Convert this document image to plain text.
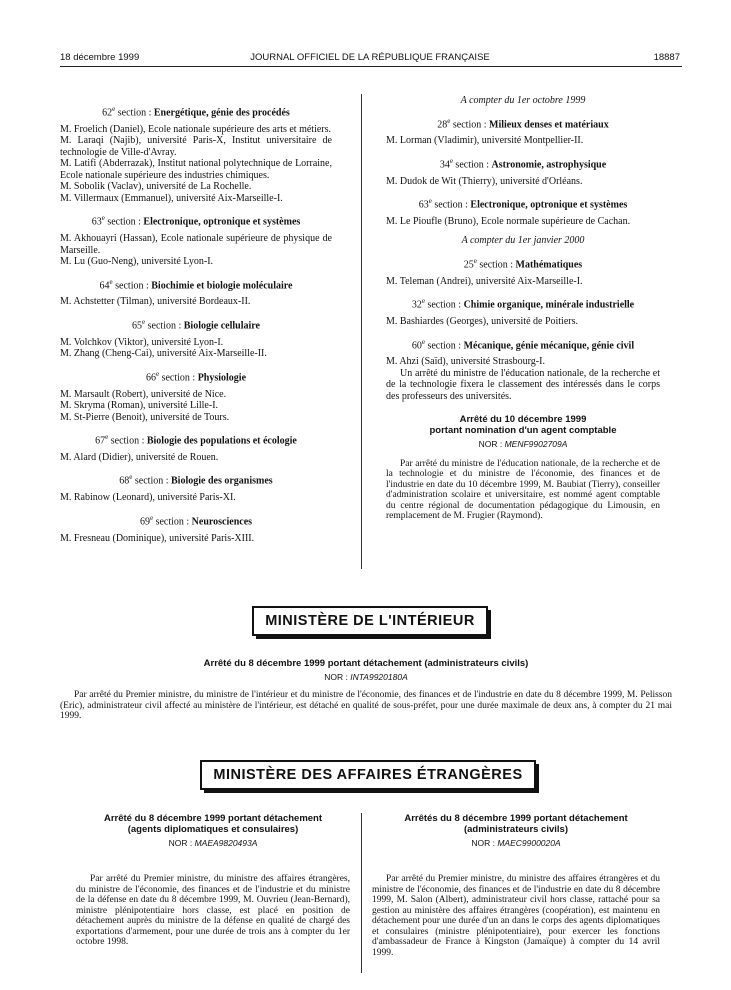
18 décembre 1999	JOURNAL OFFICIEL DE LA RÉPUBLIQUE FRANÇAISE	18887
62e section : Energétique, génie des procédés

M. Froelich (Daniel), Ecole nationale supérieure des arts et métiers.

M. Laraqi (Najib), université Paris-X, Institut universitaire de technologie de Ville-d'Avray.

M. Latifi (Abderrazak), Institut national polytechnique de Lorraine, Ecole nationale supérieure des industries chimiques.

M. Sobolik (Vaclav), université de La Rochelle.

M. Villermaux (Emmanuel), université Aix-Marseille-I.

63e section : Electronique, optronique et systèmes

M. Akhouayri (Hassan), Ecole nationale supérieure de physique de Marseille.

M. Lu (Guo-Neng), université Lyon-I.

64e section : Biochimie et biologie moléculaire

M. Achstetter (Tilman), université Bordeaux-II.

65e section : Biologie cellulaire

M. Volchkov (Viktor), université Lyon-I.

M. Zhang (Cheng-Cai), université Aix-Marseille-II.

66e section : Physiologie

M. Marsault (Robert), université de Nice.

M. Skryma (Roman), université Lille-I.

M. St-Pierre (Benoit), université de Tours.

67e section : Biologie des populations et écologie

M. Alard (Didier), université de Rouen.

68e section : Biologie des organismes

M. Rabinow (Leonard), université Paris-XI.

69e section : Neurosciences

M. Fresneau (Dominique), université Paris-XIII.

A compter du 1er octobre 1999
28e section : Milieux denses et matériaux

M. Lorman (Vladimir), université Montpellier-II.

34e section : Astronomie, astrophysique

M. Dudok de Wit (Thierry), université d'Orléans.

63e section : Electronique, optronique et systèmes

M. Le Pioufle (Bruno), Ecole normale supérieure de Cachan.

A compter du 1er janvier 2000
25e section : Mathématiques

M. Teleman (Andrei), université Aix-Marseille-I.

32e section : Chimie organique, minérale industrielle

M. Bashiardes (Georges), université de Poitiers.

60e section : Mécanique, génie mécanique, génie civil

M. Ahzi (Saïd), université Strasbourg-I.

Un arrêté du ministre de l'éducation nationale, de la recherche et de la technologie fixera le classement des intéressés dans le corps des professeurs des universités.

Arrêté du 10 décembre 1999
portant nomination d'un agent comptable
NOR : MENF9902709A

Par arrêté du ministre de l'éducation nationale, de la recherche et de la technologie et du ministre de l'économie, des finances et de l'industrie en date du 10 décembre 1999, M. Baubiat (Tierry), conseiller d'administration scolaire et universitaire, est nommé agent comptable du centre régional de documentation pédagogique du Limousin, en remplacement de M. Frugier (Raymond).

MINISTÈRE DE L'INTÉRIEUR
Arrêté du 8 décembre 1999 portant détachement (administrateurs civils)
NOR : INTA9920180A

Par arrêté du Premier ministre, du ministre de l'intérieur et du ministre de l'économie, des finances et de l'industrie en date du 8 décembre 1999, M. Pelisson (Eric), administrateur civil affecté au ministère de l'intérieur, est détaché en qualité de sous-préfet, pour une durée maximale de deux ans, à compter du 21 mai 1999.

MINISTÈRE DES AFFAIRES ÉTRANGÈRES
Arrêté du 8 décembre 1999 portant détachement
(agents diplomatiques et consulaires)
NOR : MAEA9820493A

Par arrêté du Premier ministre, du ministre des affaires étrangères, du ministre de l'économie, des finances et de l'industrie et du ministre de la défense en date du 8 décembre 1999, M. Ouvrieu (Jean-Bernard), ministre plénipotentiaire hors classe, est placé en position de détachement auprès du ministre de la défense en qualité de chargé des exportations d'armement, pour une durée de trois ans à compter du 1er octobre 1998.

Arrêtés du 8 décembre 1999 portant détachement
(administrateurs civils)
NOR : MAEC9900020A

Par arrêté du Premier ministre, du ministre des affaires étrangères et du ministre de l'économie, des finances et de l'industrie en date du 8 décembre 1999, M. Salon (Albert), administrateur civil hors classe, rattaché pour sa gestion au ministère des affaires étrangères (coopération), est maintenu en détachement pour une durée d'un an dans le corps des agents diplomatiques et consulaires (ministre plénipotentiaire), pour exercer les fonctions d'ambassadeur de France à Kingston (Jamaïque) à compter du 14 avril 1999.
